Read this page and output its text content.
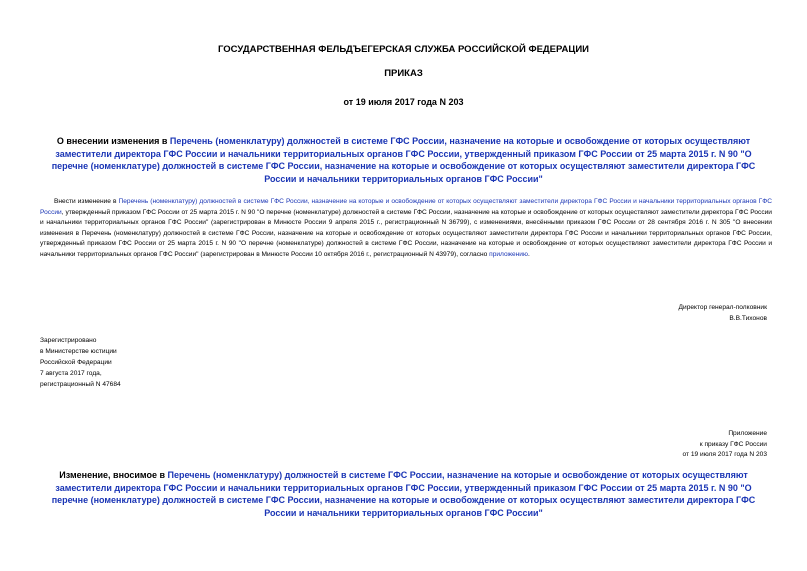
ГОСУДАРСТВЕННАЯ ФЕЛЬДЪЕГЕРСКАЯ СЛУЖБА РОССИЙСКОЙ ФЕДЕРАЦИИ
ПРИКАЗ
от 19 июля 2017 года N 203
О внесении изменения в Перечень (номенклатуру) должностей в системе ГФС России, назначение на которые и освобождение от которых осуществляют заместители директора ГФС России и начальники территориальных органов ГФС России, утвержденный приказом ГФС России от 25 марта 2015 г. N 90 "О перечне (номенклатуре) должностей в системе ГФС России, назначение на которые и освобождение от которых осуществляют заместители директора ГФС России и начальники территориальных органов ГФС России"
Внести изменение в Перечень (номенклатуру) должностей в системе ГФС России, назначение на которые и освобождение от которых осуществляют заместители директора ГФС России и начальники территориальных органов ГФС России, утвержденный приказом ГФС России от 25 марта 2015 г. N 90 "О перечне (номенклатуре) должностей в системе ГФС России, назначение на которые и освобождение от которых осуществляют заместители директора ГФС России и начальники территориальных органов ГФС России" (зарегистрирован в Минюсте России 9 апреля 2015 г., регистрационный N 36799), с изменениями, внесёнными приказом ГФС России от 28 сентября 2016 г. N 305 "О внесении изменения в Перечень (номенклатуру) должностей в системе ГФС России, назначение на которые и освобождение от которых осуществляют заместители директора ГФС России и начальники территориальных органов ГФС России, утвержденный приказом ГФС России от 25 марта 2015 г. N 90 "О перечне (номенклатуре) должностей в системе ГФС России, назначение на которые и освобождение от которых осуществляют заместители директора ГФС России и начальники территориальных органов ГФС России" (зарегистрирован в Минюсте России 10 октября 2016 г., регистрационный N 43979), согласно приложению.
Директор генерал-полковник
В.В.Тихонов
Зарегистрировано
в Министерстве юстиции
Российской Федерации
7 августа 2017 года,
регистрационный N 47684
Приложение
к приказу ГФС России
от 19 июля 2017 года N 203
Изменение, вносимое в Перечень (номенклатуру) должностей в системе ГФС России, назначение на которые и освобождение от которых осуществляют заместители директора ГФС России и начальники территориальных органов ГФС России, утвержденный приказом ГФС России от 25 марта 2015 г. N 90 "О перечне (номенклатуре) должностей в системе ГФС России, назначение на которые и освобождение от которых осуществляют заместители директора ГФС России и начальники территориальных органов ГФС России"
